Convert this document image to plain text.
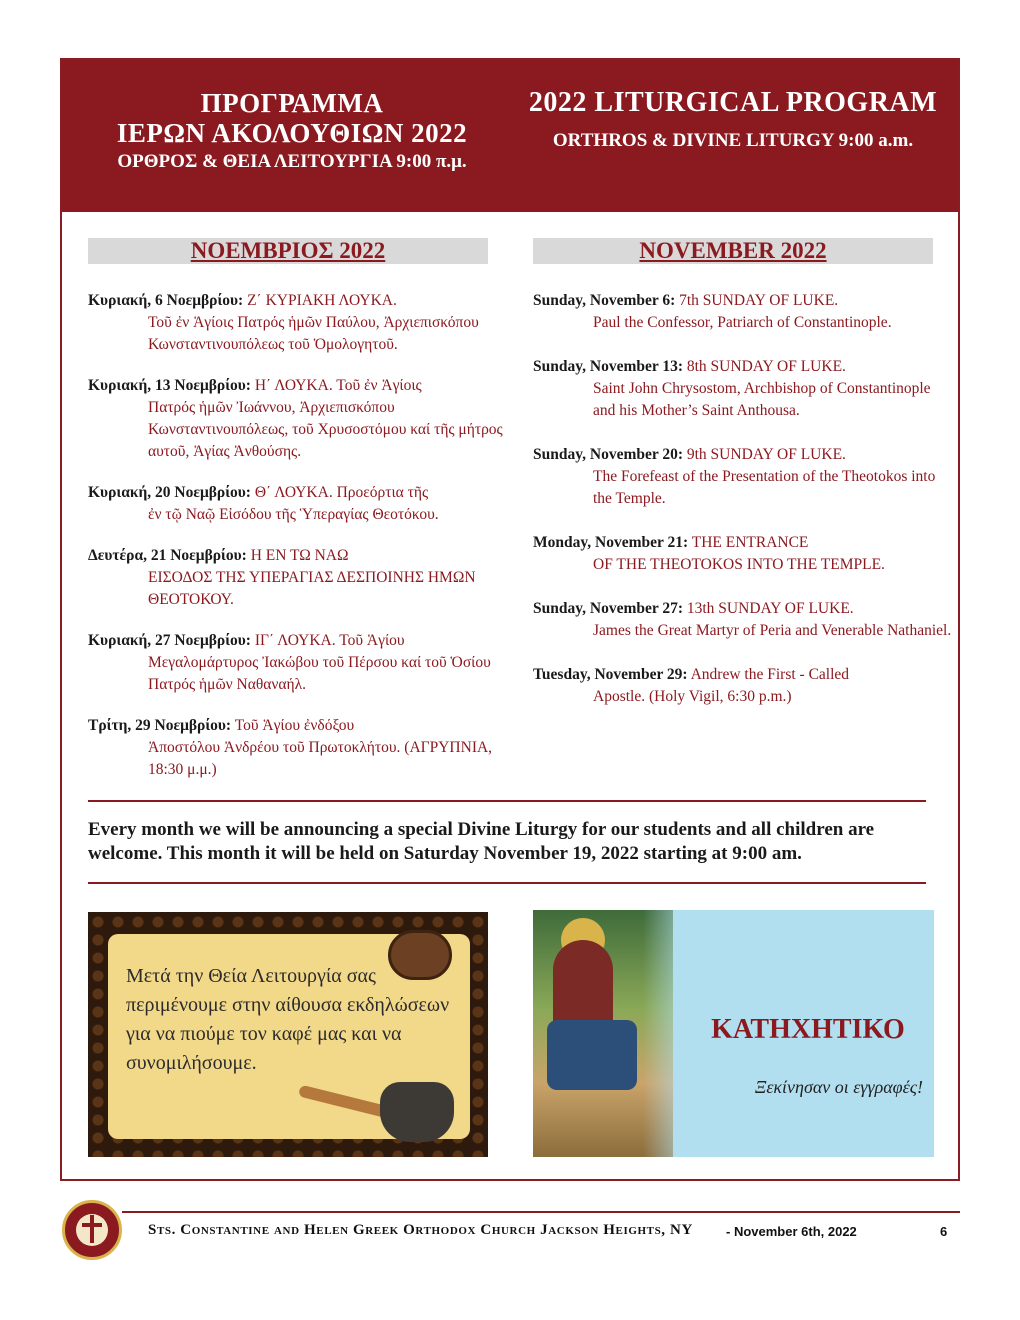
ΠΡΟΓΡΑΜΜΑ
ΙΕΡΩΝ ΑΚΟΛΟΥΘΙΩΝ 2022
ΟΡΘΡΟΣ & ΘΕΙΑ ΛΕΙΤΟΥΡΓΙΑ 9:00 π.μ.
2022 LITURGICAL PROGRAM
ORTHROS & DIVINE LITURGY 9:00 a.m.
ΝΟΕΜΒΡΙΟΣ 2022	NOVEMBER 2022
Κυριακή, 6 Νοεμβρίου: Ζ΄ ΚΥΡΙΑΚΗ ΛΟΥΚΑ.
Τοῦ ἐν Ἁγίοις Πατρός ἡμῶν Παύλου, Ἀρχιεπισκόπου Κωνσταντινουπόλεως τοῦ Ὁμολογητοῦ.
Κυριακή, 13 Νοεμβρίου: Η΄ ΛΟΥΚΑ. Τοῦ ἐν Ἁγίοις
Πατρός ἡμῶν Ἰωάννου, Ἀρχιεπισκόπου Κωνσταντινουπόλεως, τοῦ Χρυσοστόμου καί τῆς μήτρος αυτοῦ, Ἁγίας Ἀνθούσης.
Κυριακή, 20 Νοεμβρίου: Θ΄ ΛΟΥΚΑ. Προεόρτια τῆς
ἐν τῷ Ναῷ Εἰσόδου τῆς Ὑπεραγίας Θεοτόκου.
Δευτέρα, 21 Νοεμβρίου: Η ΕΝ ΤΩ ΝΑΩ
ΕΙΣΟΔΟΣ ΤΗΣ ΥΠΕΡΑΓΙΑΣ ΔΕΣΠΟΙΝΗΣ ΗΜΩΝ ΘΕΟΤΟΚΟΥ.
Κυριακή, 27 Νοεμβρίου: ΙΓ΄ ΛΟΥΚΑ. Τοῦ Ἁγίου
Μεγαλομάρτυρος Ἰακώβου τοῦ Πέρσου καί τοῦ Ὁσίου Πατρός ἡμῶν Ναθαναήλ.
Τρίτη, 29 Νοεμβρίου: Τοῦ Ἁγίου ἐνδόξου
Ἀποστόλου Ἀνδρέου τοῦ Πρωτοκλήτου. (ΑΓΡΥΠΝΙΑ, 18:30 μ.μ.)
Sunday, November 6: 7th SUNDAY OF LUKE.
Paul the Confessor, Patriarch of Constantinople.
Sunday, November 13: 8th SUNDAY OF LUKE.
Saint John Chrysostom, Archbishop of Constantinople and his Mother’s Saint Anthousa.
Sunday, November 20: 9th SUNDAY OF LUKE.
The Forefeast of the Presentation of the Theotokos into the Temple.
Monday, November 21: THE ENTRANCE
OF THE THEOTOKOS INTO THE TEMPLE.
Sunday, November 27: 13th SUNDAY OF LUKE.
James the Great Martyr of Peria and Venerable Nathaniel.
Tuesday, November 29: Andrew the First - Called
Apostle. (Holy Vigil, 6:30 p.m.)
Every month we will be announcing a special Divine Liturgy for our students and all children are welcome. This month it will be held on Saturday November 19, 2022 starting at 9:00 am.
Μετά την Θεία Λειτουργία σας περιμένουμε στην αίθουσα εκδηλώσεων για να πιούμε τον καφέ μας και να συνομιλήσουμε.
ΚΑΤΗΧΗΤΙΚΟ
Ξεκίνησαν οι εγγραφές!
Sts. Constantine and Helen Greek Orthodox Church Jackson Heights, NY	- November 6th, 2022	6
